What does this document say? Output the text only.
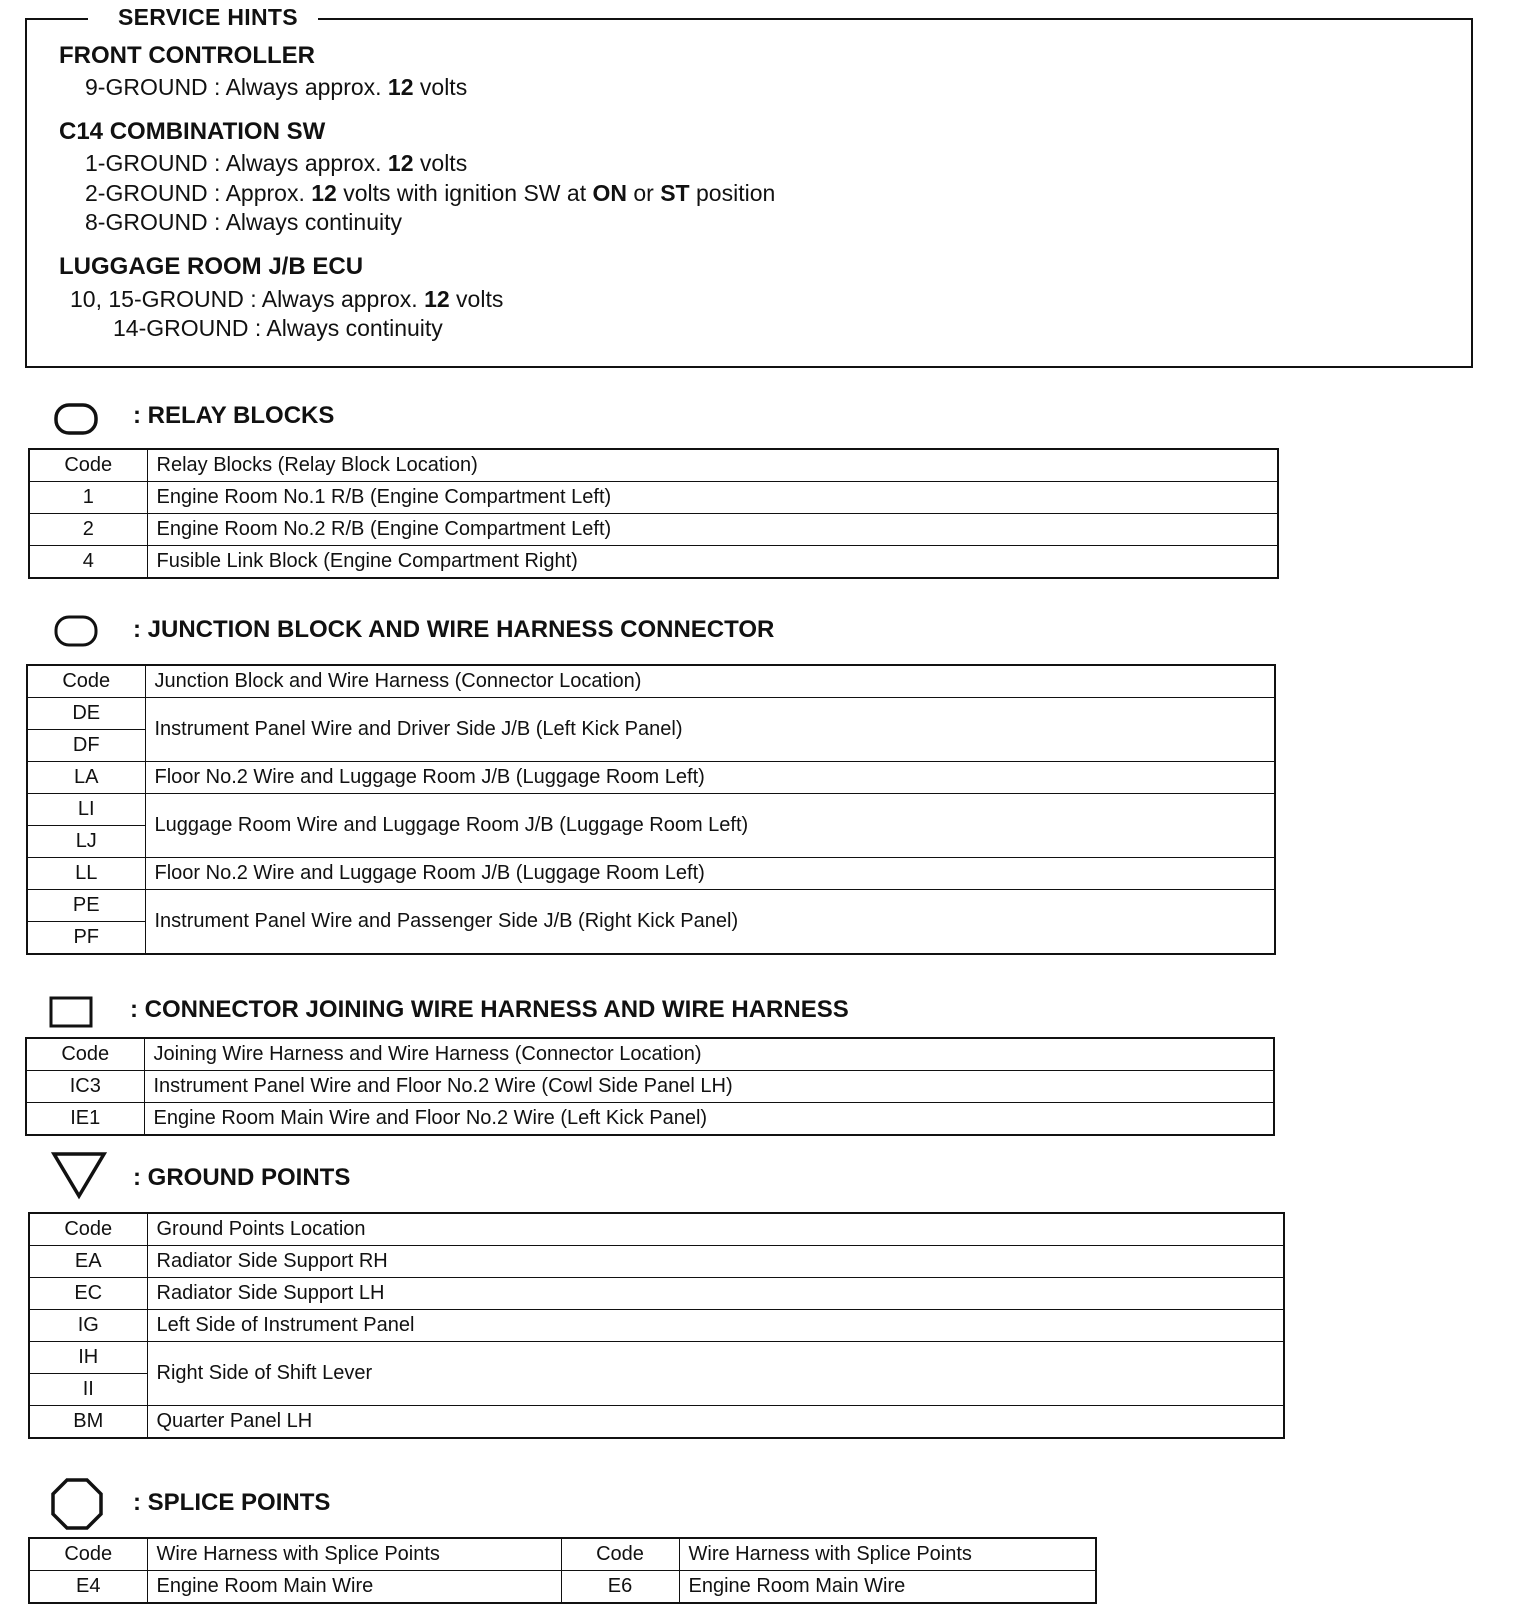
SERVICE HINTS
FRONT CONTROLLER
9-GROUND : Always approx. 12 volts
C14 COMBINATION SW
1-GROUND : Always approx. 12 volts
2-GROUND : Approx. 12 volts with ignition SW at ON or ST position
8-GROUND : Always continuity
LUGGAGE ROOM J/B ECU
10, 15-GROUND : Always approx. 12 volts
14-GROUND : Always continuity
: RELAY BLOCKS
Code	Relay Blocks (Relay Block Location)
1	Engine Room No.1 R/B (Engine Compartment Left)
2	Engine Room No.2 R/B (Engine Compartment Left)
4	Fusible Link Block (Engine Compartment Right)
: JUNCTION BLOCK AND WIRE HARNESS CONNECTOR
Code	Junction Block and Wire Harness (Connector Location)
DE	Instrument Panel Wire and Driver Side J/B (Left Kick Panel)
DF	
LA	Floor No.2 Wire and Luggage Room J/B (Luggage Room Left)
LI	Luggage Room Wire and Luggage Room J/B (Luggage Room Left)
LJ	
LL	Floor No.2 Wire and Luggage Room J/B (Luggage Room Left)
PE	Instrument Panel Wire and Passenger Side J/B (Right Kick Panel)
PF	
: CONNECTOR JOINING WIRE HARNESS AND WIRE HARNESS
Code	Joining Wire Harness and Wire Harness (Connector Location)
IC3	Instrument Panel Wire and Floor No.2 Wire (Cowl Side Panel LH)
IE1	Engine Room Main Wire and Floor No.2 Wire (Left Kick Panel)
: GROUND POINTS
Code	Ground Points Location
EA	Radiator Side Support RH
EC	Radiator Side Support LH
IG	Left Side of Instrument Panel
IH	Right Side of Shift Lever
II	
BM	Quarter Panel LH
: SPLICE POINTS
Code	Wire Harness with Splice Points	Code	Wire Harness with Splice Points
E4	Engine Room Main Wire	E6	Engine Room Main Wire
